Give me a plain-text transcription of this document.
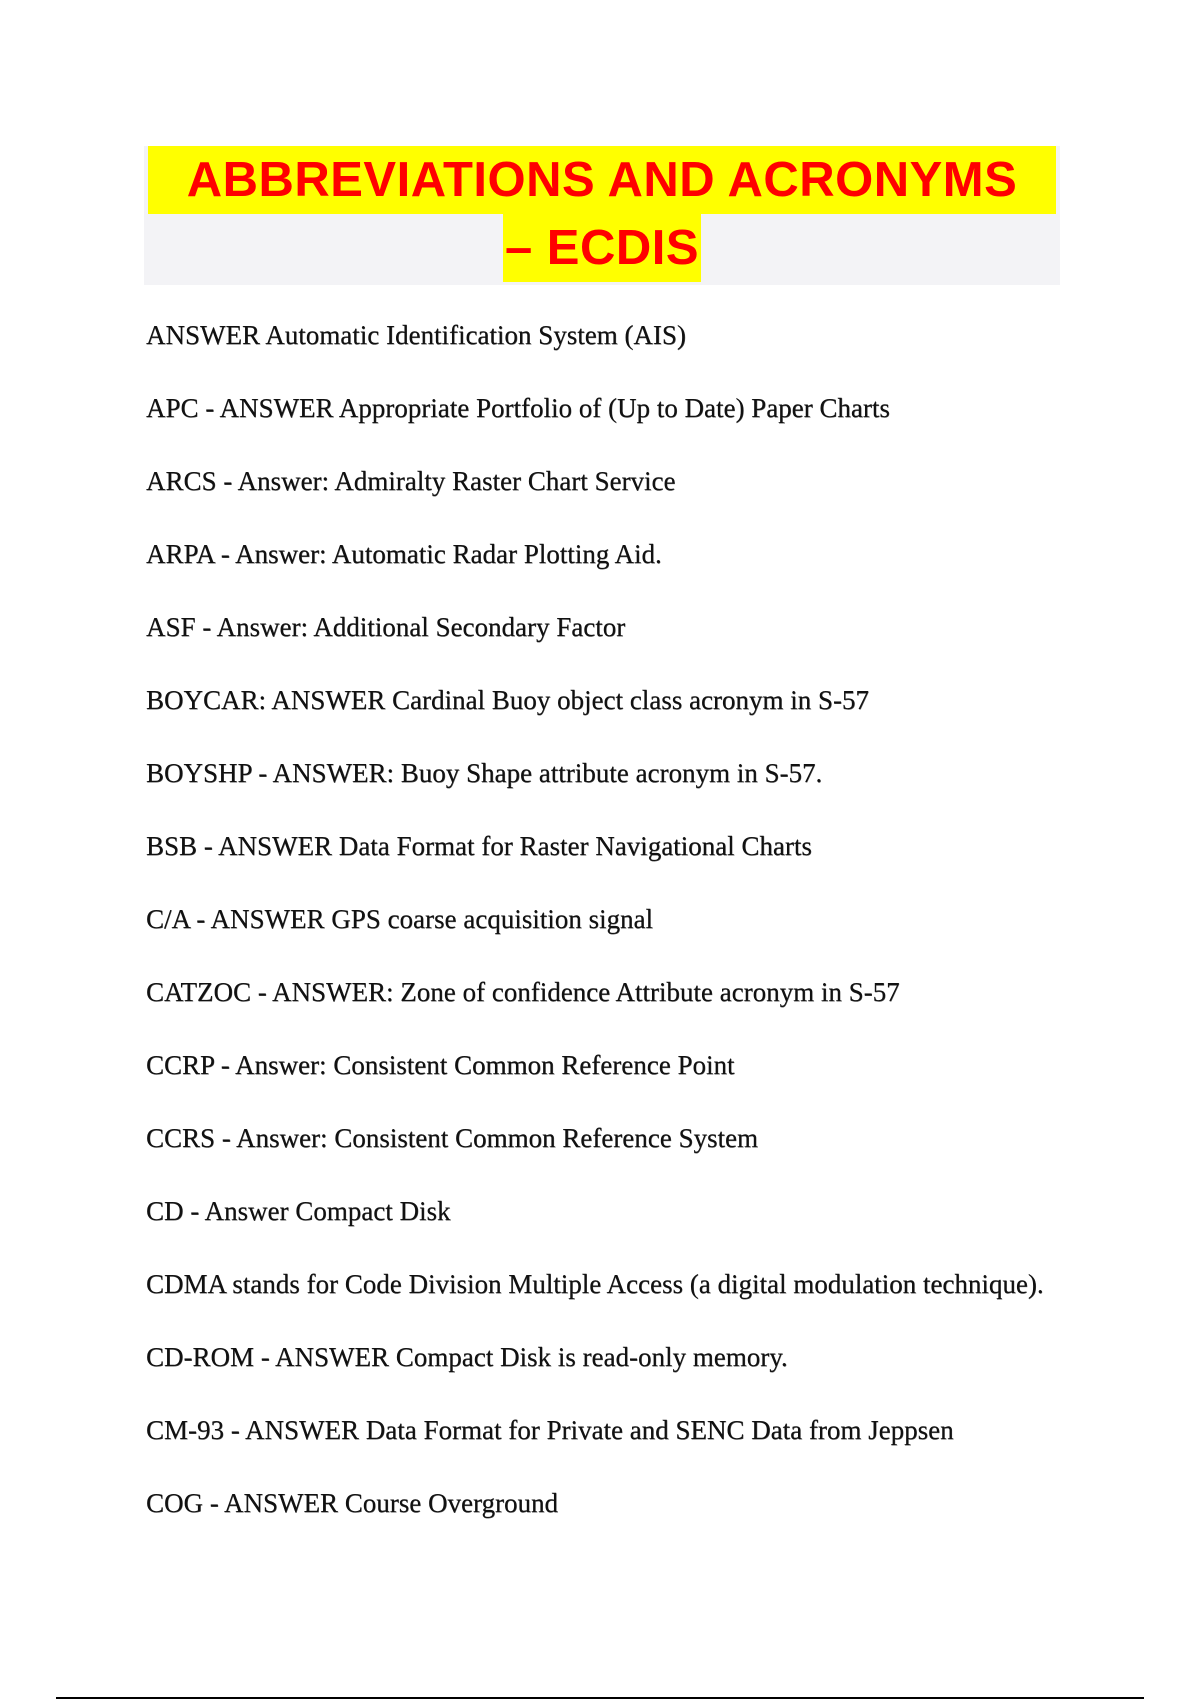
ABBREVIATIONS AND ACRONYMS
– ECDIS

ANSWER Automatic Identification System (AIS)

APC - ANSWER Appropriate Portfolio of (Up to Date) Paper Charts

ARCS - Answer: Admiralty Raster Chart Service

ARPA - Answer: Automatic Radar Plotting Aid.

ASF - Answer: Additional Secondary Factor

BOYCAR: ANSWER Cardinal Buoy object class acronym in S-57

BOYSHP - ANSWER: Buoy Shape attribute acronym in S-57.

BSB - ANSWER Data Format for Raster Navigational Charts

C/A - ANSWER GPS coarse acquisition signal

CATZOC - ANSWER: Zone of confidence Attribute acronym in S-57

CCRP - Answer: Consistent Common Reference Point

CCRS - Answer: Consistent Common Reference System

CD - Answer Compact Disk

CDMA stands for Code Division Multiple Access (a digital modulation technique).

CD-ROM - ANSWER Compact Disk is read-only memory.

CM-93 - ANSWER Data Format for Private and SENC Data from Jeppsen

COG - ANSWER Course Overground
